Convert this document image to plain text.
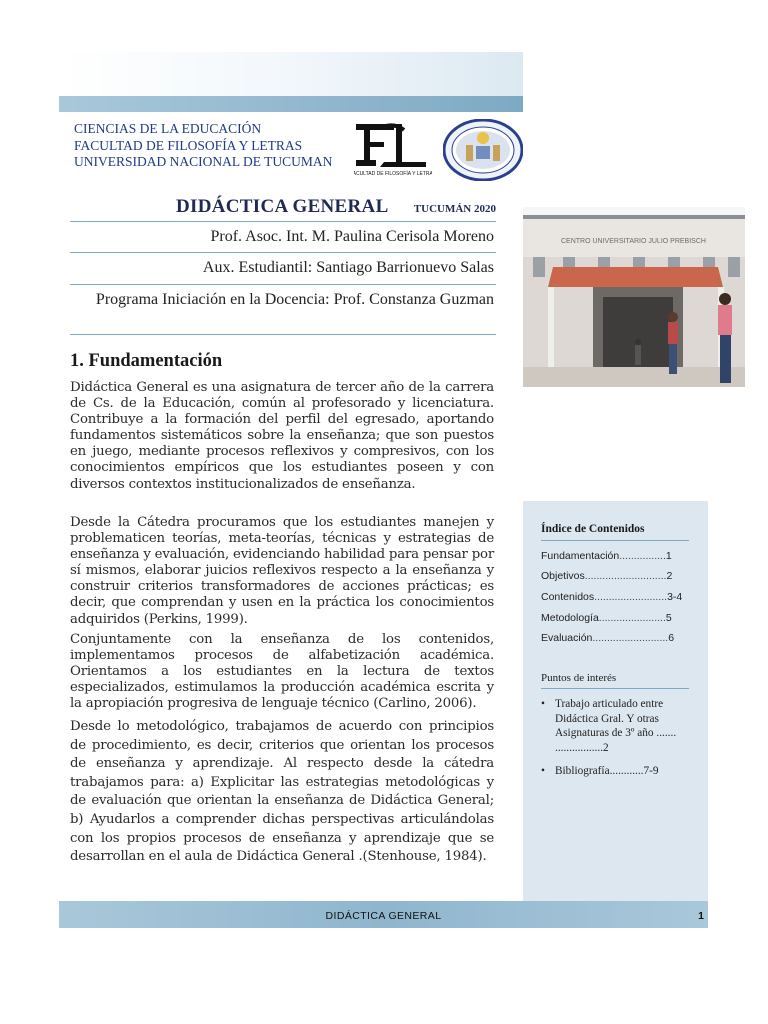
CIENCIAS DE LA EDUCACIÓN
FACULTAD DE FILOSOFÍA Y LETRAS
UNIVERSIDAD NACIONAL DE TUCUMAN
FACULTAD DE FILOSOFÍA Y LETRAS
DIDÁCTICA GENERAL TUCUMÁN 2020
Prof. Asoc. Int. M. Paulina Cerisola Moreno
Aux. Estudiantil: Santiago Barrionuevo Salas
Programa Iniciación en la Docencia: Prof. Constanza Guzman
CENTRO UNIVERSITARIO JULIO PREBISCH
1. Fundamentación

Didáctica General es una asignatura de tercer año de la carrera de Cs. de la Educación, común al profesorado y licenciatura. Contribuye a la formación del perfil del egresado, aportando fundamentos sistemáticos sobre la enseñanza; que son puestos en juego, mediante procesos reflexivos y compresivos, con los conocimientos empíricos que los estudiantes poseen y con diversos contextos institucionalizados de enseñanza.

Desde la Cátedra procuramos que los estudiantes manejen y problematicen teorías, meta-teorías, técnicas y estrategias de enseñanza y evaluación, evidenciando habilidad para pensar por sí mismos, elaborar juicios reflexivos respecto a la enseñanza y construir criterios transformadores de acciones prácticas; es decir, que comprendan y usen en la práctica los conocimientos adquiridos (Perkins, 1999).

Conjuntamente con la enseñanza de los contenidos, implementamos procesos de alfabetización académica. Orientamos a los estudiantes en la lectura de textos especializados, estimulamos la producción académica escrita y la apropiación progresiva de lenguaje técnico (Carlino, 2006).

Desde lo metodológico, trabajamos de acuerdo con principios de procedimiento, es decir, criterios que orientan los procesos de enseñanza y aprendizaje. Al respecto desde la cátedra trabajamos para: a) Explicitar las estrategias metodológicas y de evaluación que orientan la enseñanza de Didáctica General; b) Ayudarlos a comprender dichas perspectivas articulándolas con los propios procesos de enseñanza y aprendizaje que se desarrollan en el aula de Didáctica General .(Stenhouse, 1984).

Índice de Contenidos
Fundamentación................1
Objetivos............................2
Contenidos.........................3-4
Metodología.......................5
Evaluación..........................6
Puntos de interés
• Trabajo articulado entre Didáctica Gral. Y otras Asignaturas de 3º año ....... .................2
• Bibliografía............7-9
DIDÁCTICA GENERAL	1
